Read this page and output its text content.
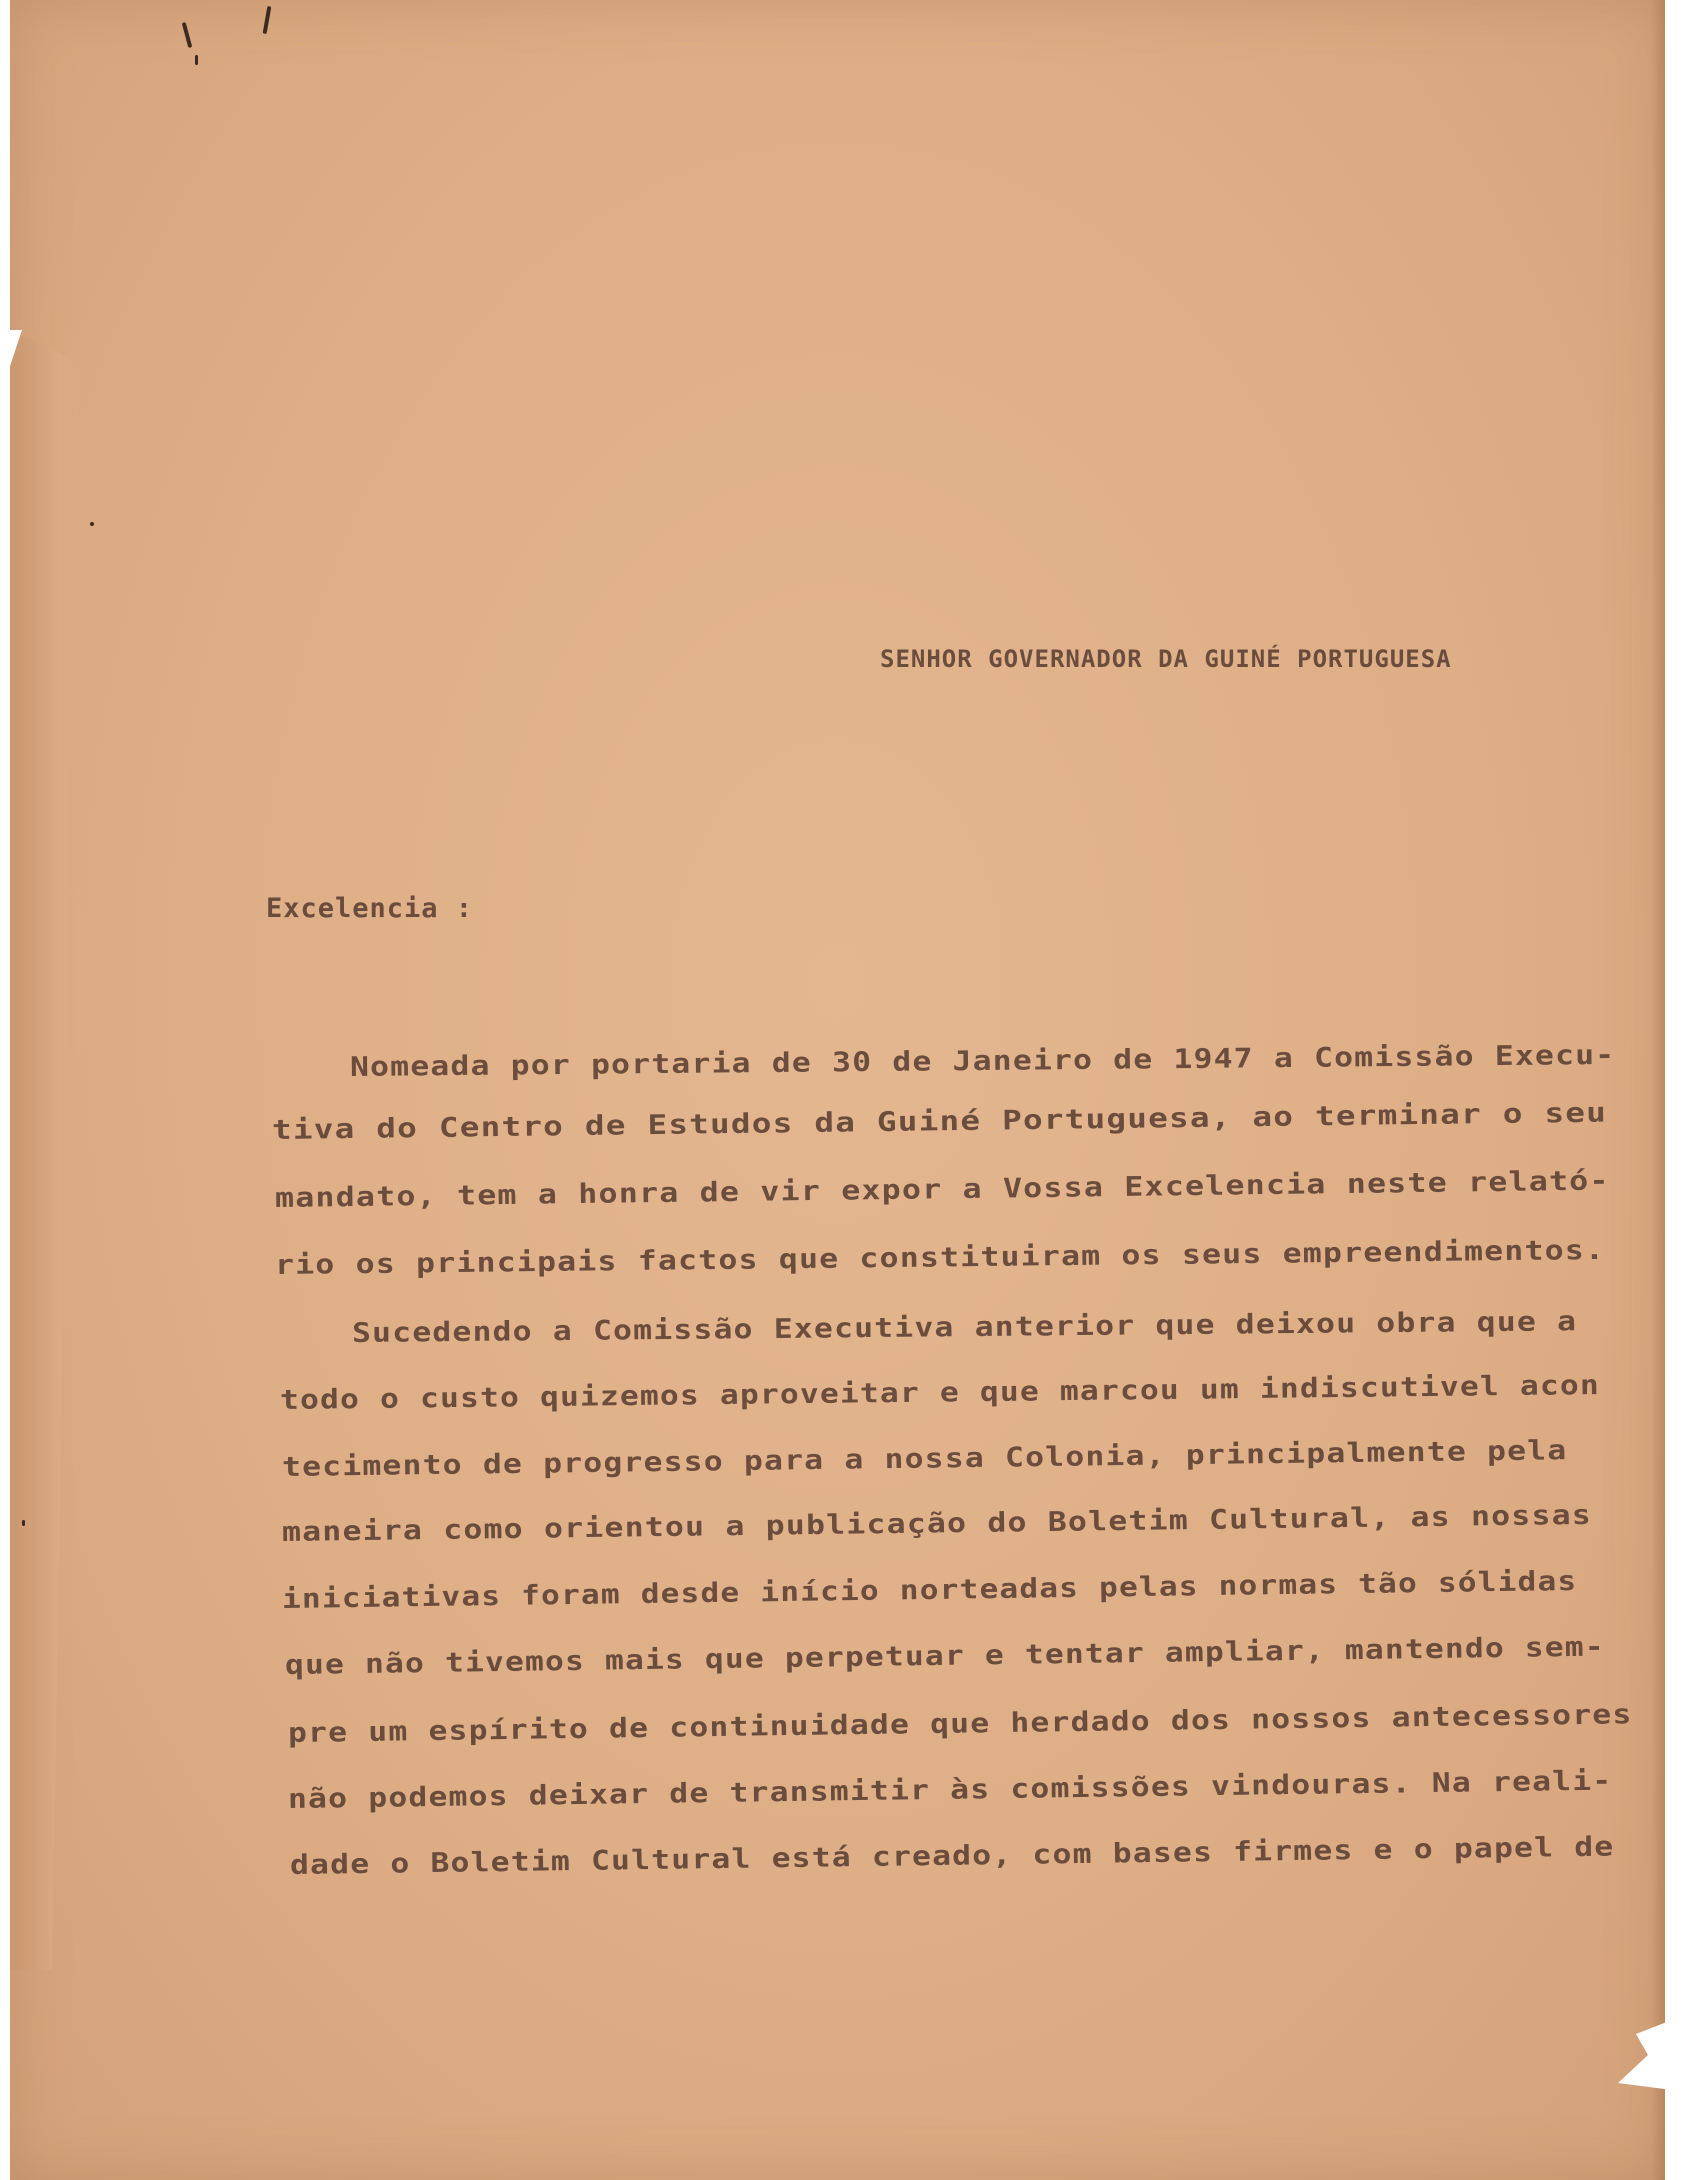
SENHOR GOVERNADOR DA GUINÉ PORTUGUESA
Excelencia :
Nomeada por portaria de 30 de Janeiro de 1947 a Comissão Execu-
tiva do Centro de Estudos da Guiné Portuguesa, ao terminar o seu
mandato, tem a honra de vir expor a Vossa Excelencia neste relató-
rio os principais factos que constituiram os seus empreendimentos.
Sucedendo a Comissão Executiva anterior que deixou obra que a
todo o custo quizemos aproveitar e que marcou um indiscutivel acon
tecimento de progresso para a nossa Colonia, principalmente pela
maneira como orientou a publicação do Boletim Cultural, as nossas
iniciativas foram desde início norteadas pelas normas tão sólidas
que não tivemos mais que perpetuar e tentar ampliar, mantendo sem-
pre um espírito de continuidade que herdado dos nossos antecessores
não podemos deixar de transmitir às comissões vindouras. Na reali-
dade o Boletim Cultural está creado, com bases firmes e o papel de
